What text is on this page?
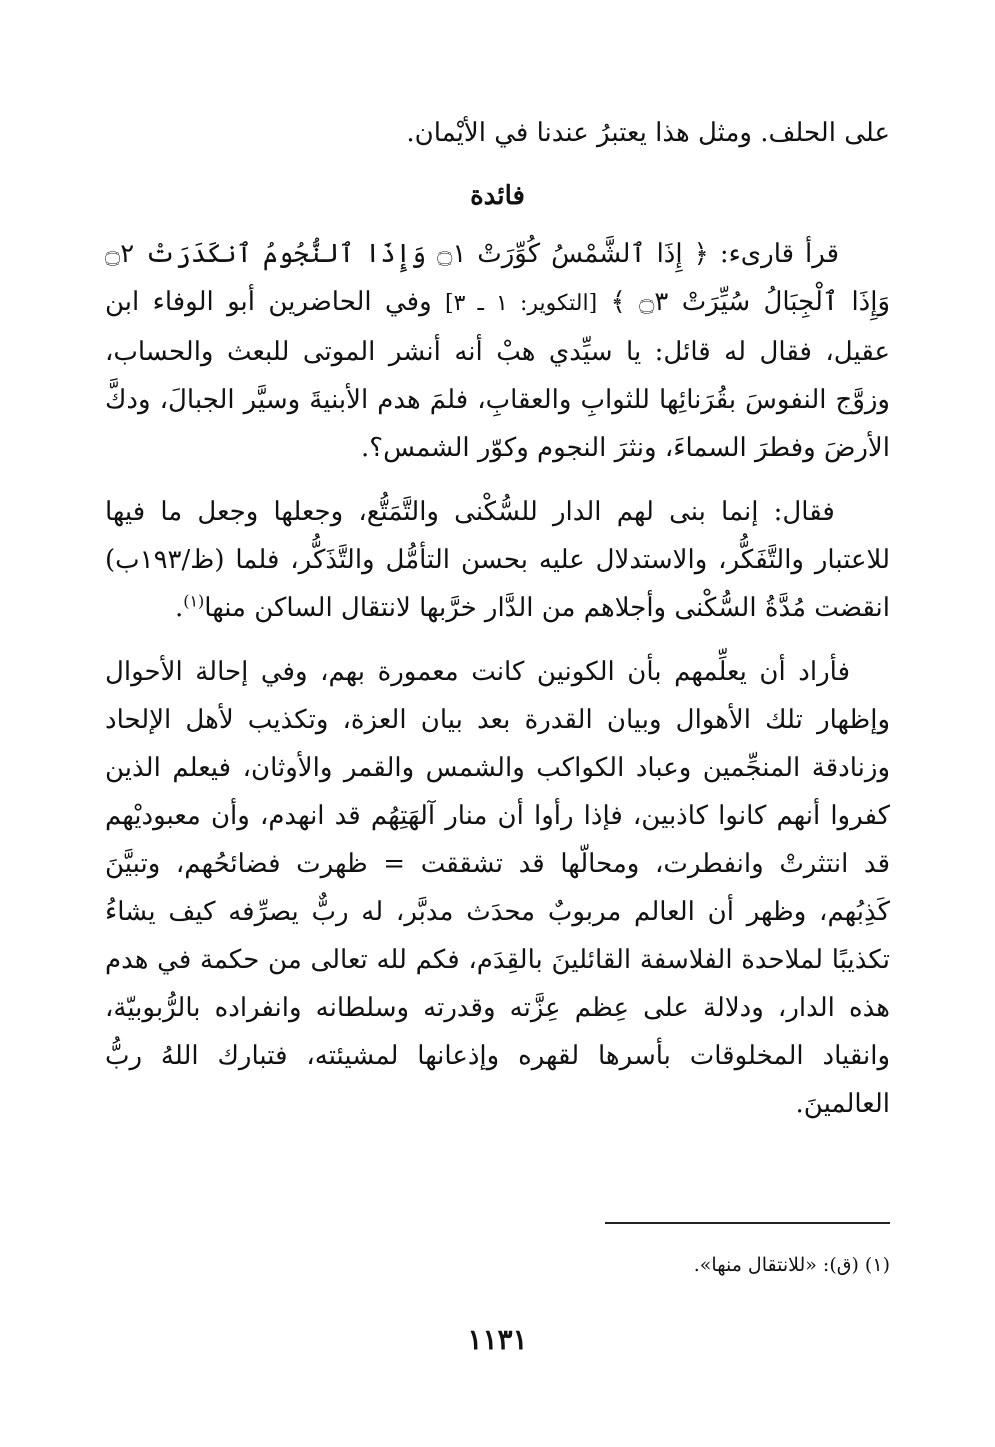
على الحلف. ومثل هذا يعتبرُ عندنا في الأيْمان.
فائدة

قرأ قارىء: ﴿ إِذَا ٱلشَّمْسُ كُوِّرَتْ ۝١ وَإِذَا ٱلنُّجُومُ ٱنكَدَرَتْ ۝٢ وَإِذَا ٱلْجِبَالُ سُيِّرَتْ ۝٣ ﴾ [التكوير: ١ ـ ٣] وفي الحاضرين أبو الوفاء ابن عقيل، فقال له قائل: يا سيِّدي هبْ أنه أنشر الموتى للبعث والحساب، وزوَّج النفوسَ بقُرَنائِها للثوابِ والعقابِ، فلمَ هدم الأبنيةَ وسيَّر الجبالَ، ودكَّ الأرضَ وفطرَ السماءَ، ونثرَ النجوم وكوّر الشمس؟.

فقال: إنما بنى لهم الدار للسُّكْنى والتَّمَتُّع، وجعلها وجعل ما فيها للاعتبار والتَّفَكُّر، والاستدلال عليه بحسن التأمُّل والتَّذَكُّر، فلما (ظ/١٩٣ب) انقضت مُدَّةُ السُّكْنى وأجلاهم من الدَّار خرَّبها لانتقال الساكن منها$^{(١)}$.

فأراد أن يعلِّمهم بأن الكونين كانت معمورة بهم، وفي إحالة الأحوال وإظهار تلك الأهوال وبيان القدرة بعد بيان العزة، وتكذيب لأهل الإلحاد وزنادقة المنجِّمين وعباد الكواكب والشمس والقمر والأوثان، فيعلم الذين كفروا أنهم كانوا كاذبين، فإذا رأوا أن منار آلهَتِهُم قد انهدم، وأن معبوديْهم قد انتثرتْ وانفطرت، ومحالّها قد تشققت = ظهرت فضائحُهم، وتبيَّنَ كَذِبُهم، وظهر أن العالم مربوبٌ محدَث مدبَّر، له ربٌّ يصرِّفه كيف يشاءُ تكذيبًا لملاحدة الفلاسفة القائلينَ بالقِدَم، فكم لله تعالى من حكمة في هدم هذه الدار، ودلالة على عِظم عِزَّته وقدرته وسلطانه وانفراده بالرُّبوبيّة، وانقياد المخلوقات بأسرها لقهره وإذعانها لمشيئته، فتبارك اللهُ ربُّ العالمينَ.

(١) (ق): «للانتقال منها».
١١٣١
